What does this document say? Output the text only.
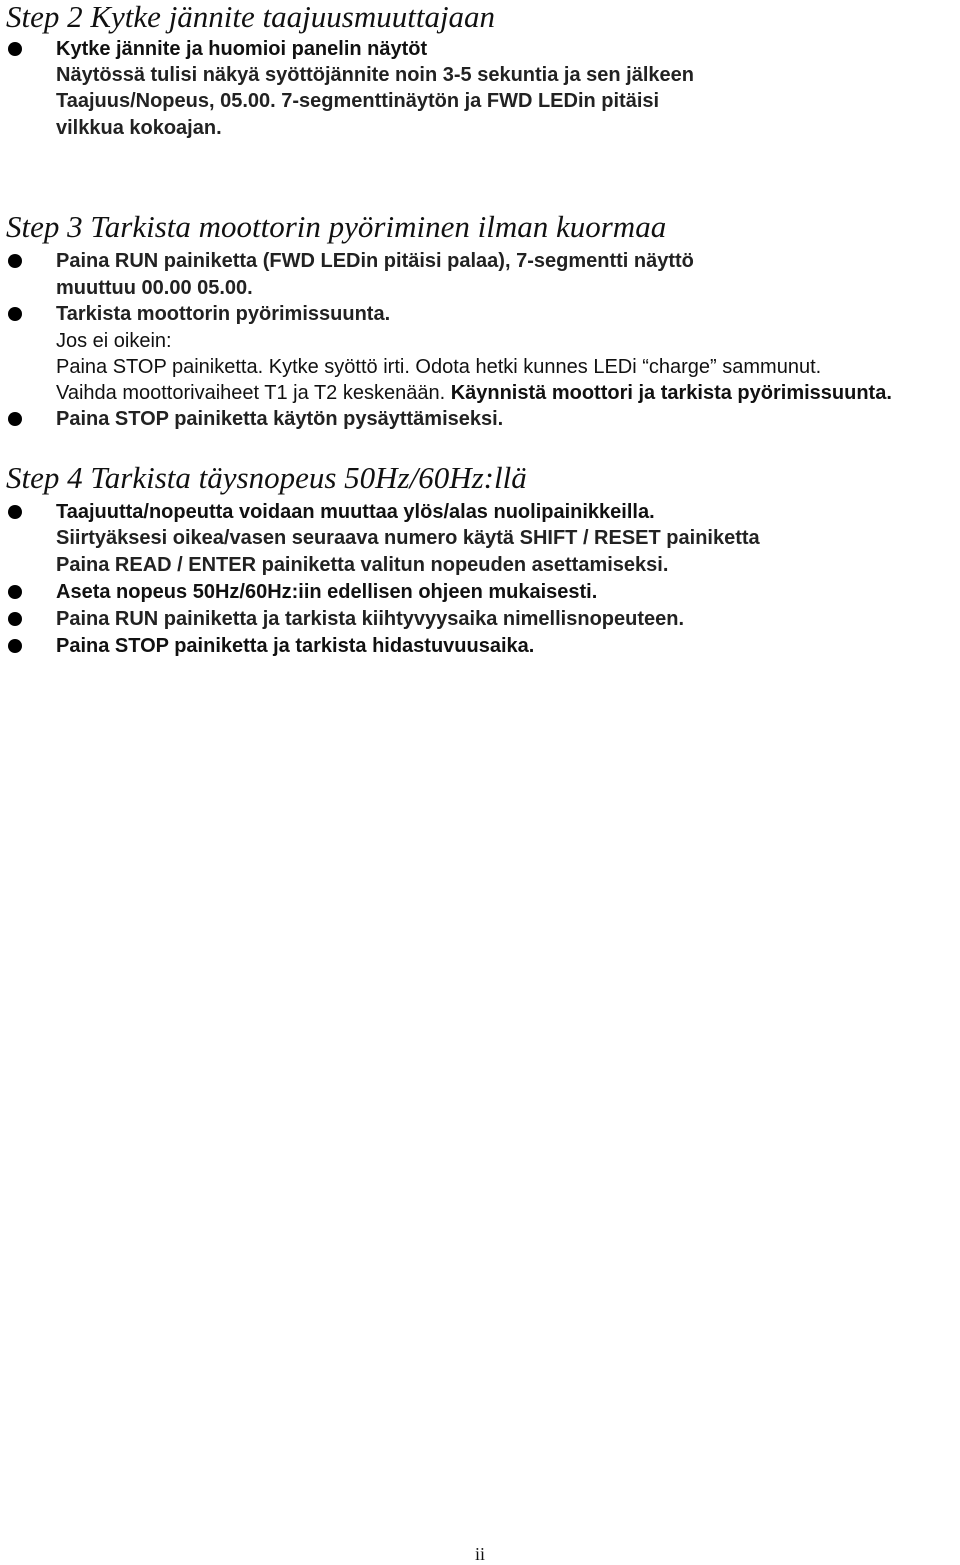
Step 2 Kytke jännite taajuusmuuttajaan
Kytke jännite ja huomioi panelin näytöt
Näytössä tulisi näkyä syöttöjännite noin 3-5 sekuntia ja sen jälkeen
Taajuus/Nopeus, 05.00. 7-segmenttinäytön ja FWD LEDin pitäisi
vilkkua kokoajan.
Step 3 Tarkista moottorin pyöriminen ilman kuormaa
Paina RUN painiketta (FWD LEDin pitäisi palaa), 7-segmentti näyttö
muuttuu 00.00 05.00.
Tarkista moottorin pyörimissuunta.
Jos ei oikein:
Paina STOP painiketta. Kytke syöttö irti. Odota hetki kunnes LEDi “charge” sammunut.
Vaihda moottorivaiheet T1 ja T2 keskenään. Käynnistä moottori ja tarkista pyörimissuunta.
Paina STOP painiketta käytön pysäyttämiseksi.
Step 4 Tarkista täysnopeus 50Hz/60Hz:llä
Taajuutta/nopeutta voidaan muuttaa ylös/alas nuolipainikkeilla.
Siirtyäksesi oikea/vasen seuraava numero käytä SHIFT / RESET painiketta
Paina READ / ENTER painiketta valitun nopeuden asettamiseksi.
Aseta nopeus 50Hz/60Hz:iin edellisen ohjeen mukaisesti.
Paina RUN painiketta ja tarkista kiihtyvyysaika nimellisnopeuteen.
Paina STOP painiketta ja tarkista hidastuvuusaika.
ii
